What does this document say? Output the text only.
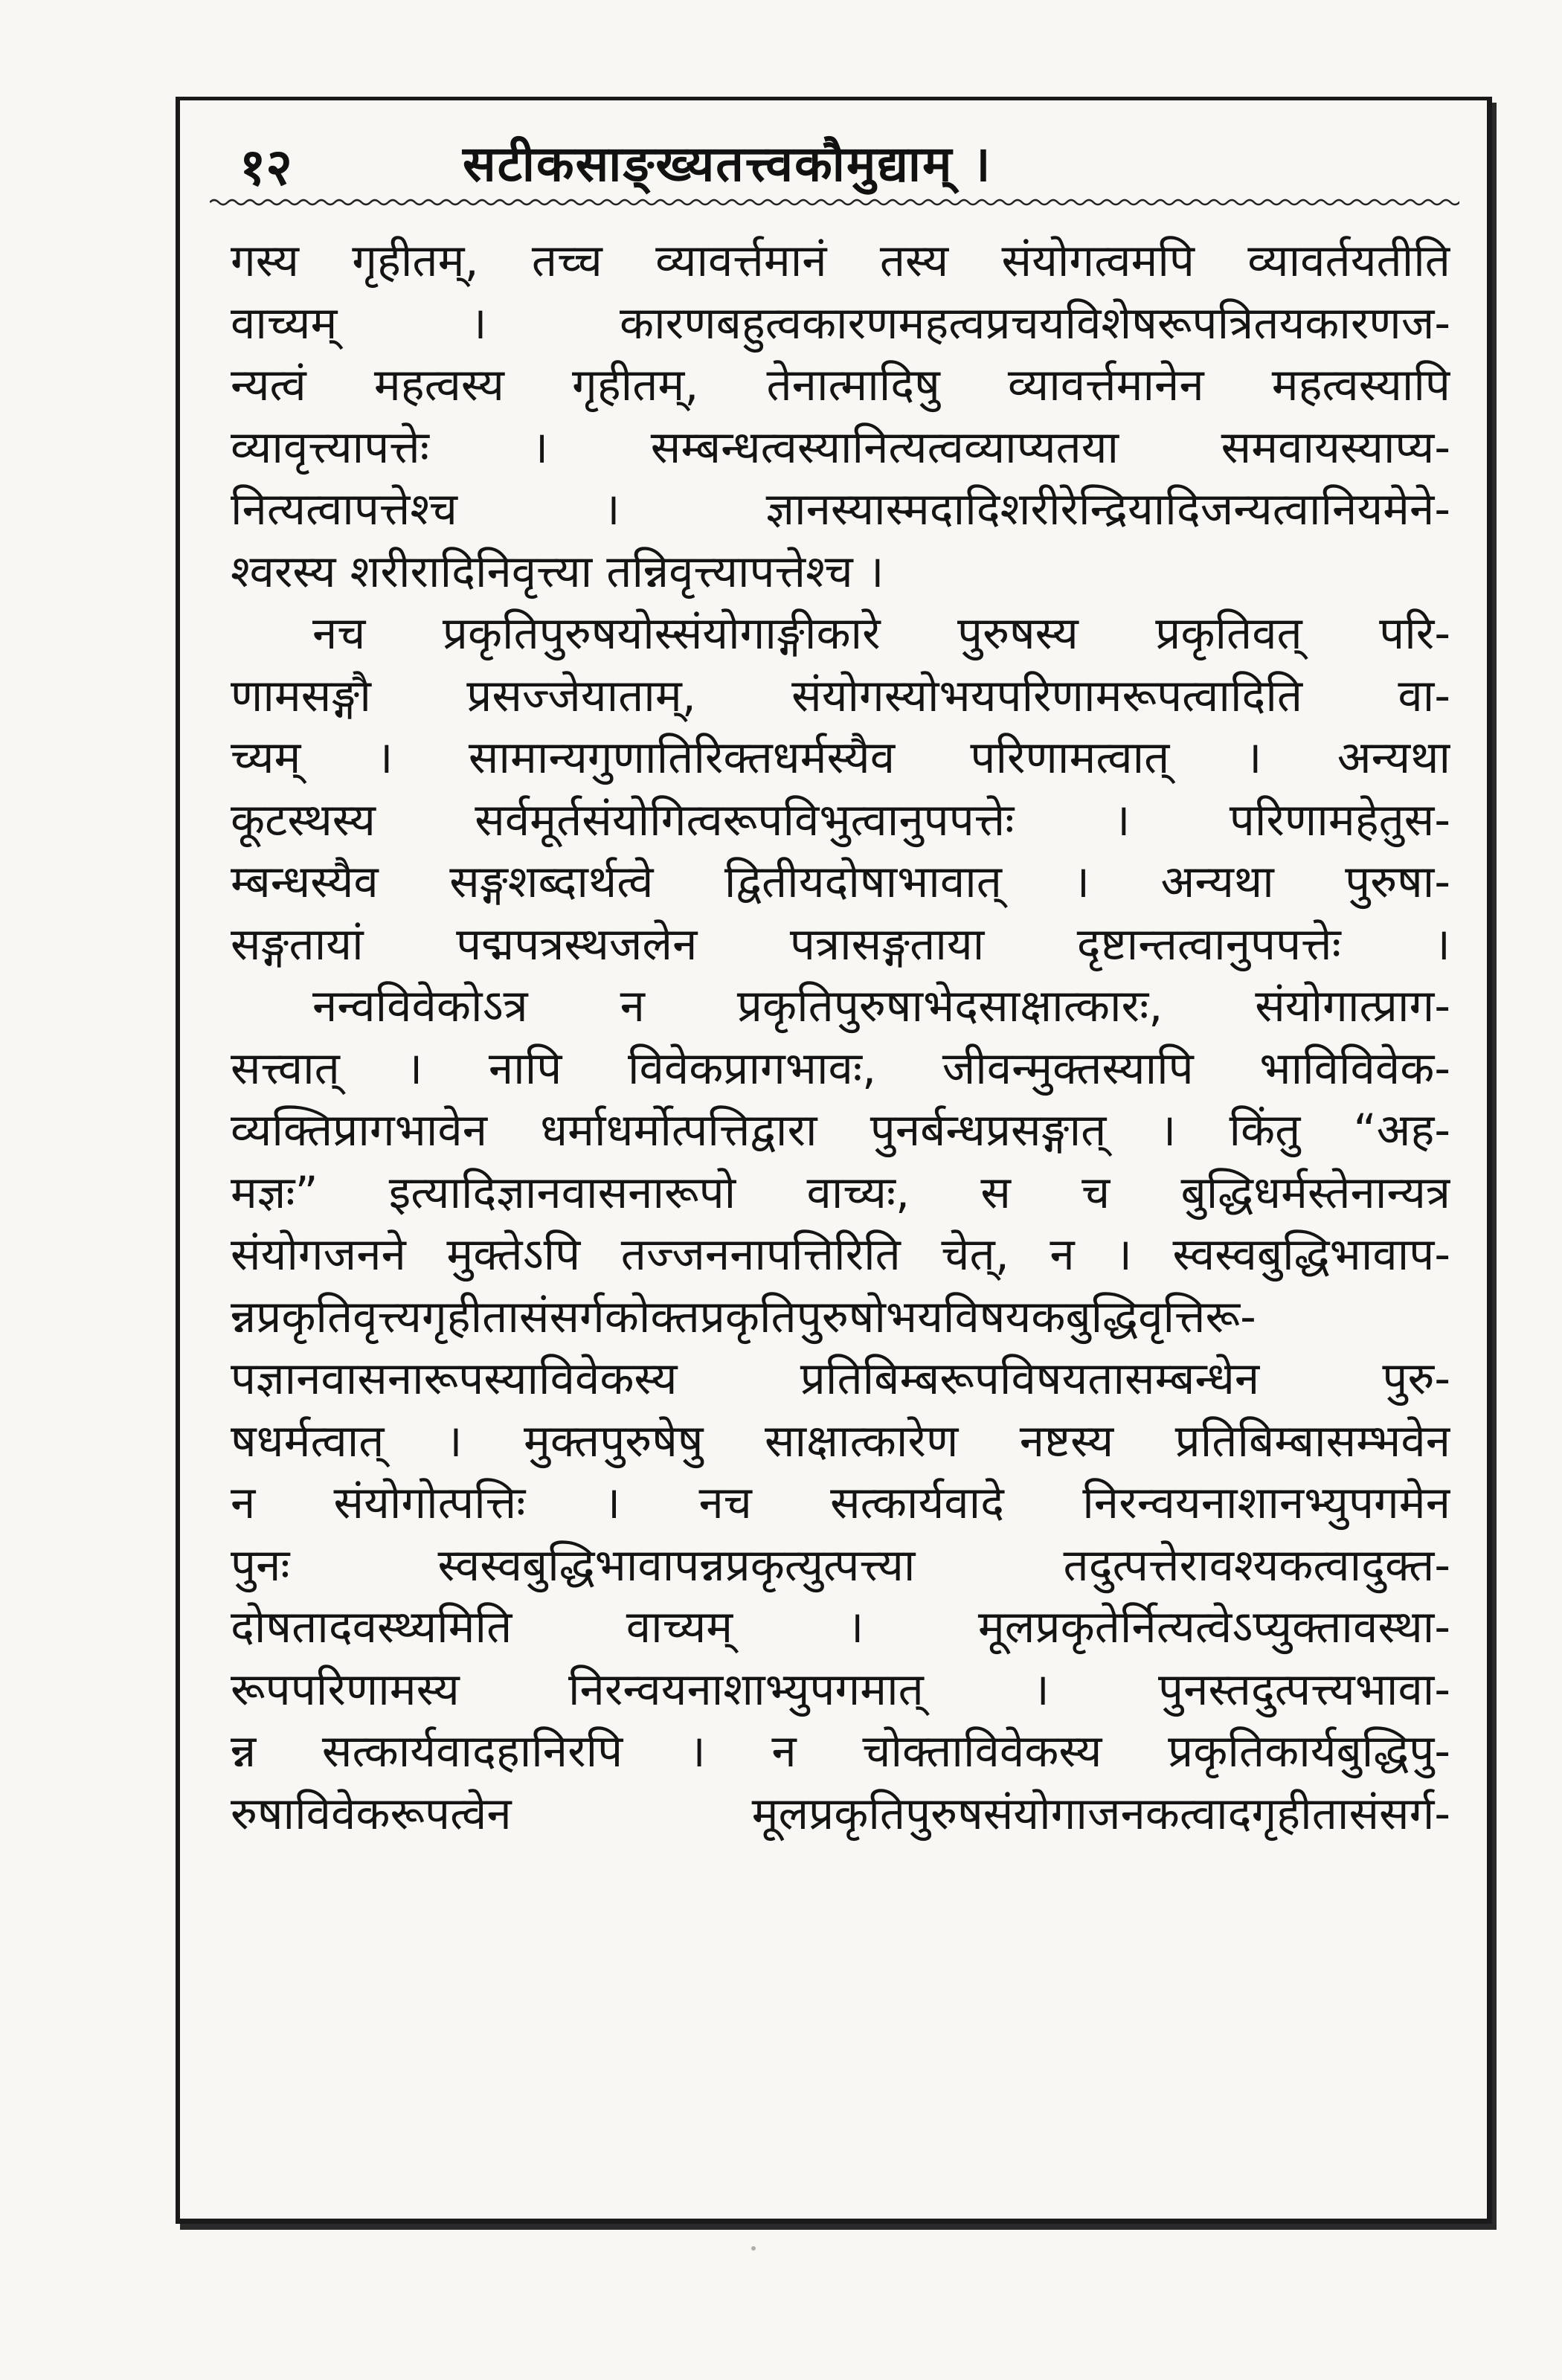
१२	सटीकसाङ्ख्यतत्त्वकौमुद्याम् ।
गस्य गृहीतम्, तच्च व्यावर्त्तमानं तस्य संयोगत्वमपि व्यावर्तयतीति
वाच्यम् । कारणबहुत्वकारणमहत्वप्रचयविशेषरूपत्रितयकारणज-
न्यत्वं महत्वस्य गृहीतम्, तेनात्मादिषु व्यावर्त्तमानेन महत्वस्यापि
व्यावृत्त्यापत्तेः । सम्बन्धत्वस्यानित्यत्वव्याप्यतया समवायस्याप्य-
नित्यत्वापत्तेश्च । ज्ञानस्यास्मदादिशरीरेन्द्रियादिजन्यत्वानियमेने-
श्वरस्य शरीरादिनिवृत्त्या तन्निवृत्त्यापत्तेश्च ।
नच प्रकृतिपुरुषयोस्संयोगाङ्गीकारे पुरुषस्य प्रकृतिवत् परि-
णामसङ्गौ प्रसज्जेयाताम्, संयोगस्योभयपरिणामरूपत्वादिति वा-
च्यम् । सामान्यगुणातिरिक्तधर्मस्यैव परिणामत्वात् । अन्यथा
कूटस्थस्य सर्वमूर्तसंयोगित्वरूपविभुत्वानुपपत्तेः । परिणामहेतुस-
म्बन्धस्यैव सङ्गशब्दार्थत्वे द्वितीयदोषाभावात् । अन्यथा पुरुषा-
सङ्गतायां पद्मपत्रस्थजलेन पत्रासङ्गताया दृष्टान्तत्वानुपपत्तेः ।
नन्वविवेकोऽत्र न प्रकृतिपुरुषाभेदसाक्षात्कारः, संयोगात्प्राग-
सत्त्वात् । नापि विवेकप्रागभावः, जीवन्मुक्तस्यापि भाविविवेक-
व्यक्तिप्रागभावेन धर्माधर्मोत्पत्तिद्वारा पुनर्बन्धप्रसङ्गात् । किंतु “अह-
मज्ञः” इत्यादिज्ञानवासनारूपो वाच्यः, स च बुद्धिधर्मस्तेनान्यत्र
संयोगजनने मुक्तेऽपि तज्जननापत्तिरिति चेत्, न । स्वस्वबुद्धिभावाप-
न्नप्रकृतिवृत्त्यगृहीतासंसर्गकोक्तप्रकृतिपुरुषोभयविषयकबुद्धिवृत्तिरू-
पज्ञानवासनारूपस्याविवेकस्य प्रतिबिम्बरूपविषयतासम्बन्धेन पुरु-
षधर्मत्वात् । मुक्तपुरुषेषु साक्षात्कारेण नष्टस्य प्रतिबिम्बासम्भवेन
न संयोगोत्पत्तिः । नच सत्कार्यवादे निरन्वयनाशानभ्युपगमेन
पुनः स्वस्वबुद्धिभावापन्नप्रकृत्युत्पत्त्या तदुत्पत्तेरावश्यकत्वादुक्त-
दोषतादवस्थ्यमिति वाच्यम् । मूलप्रकृतेर्नित्यत्वेऽप्युक्तावस्था-
रूपपरिणामस्य निरन्वयनाशाभ्युपगमात् । पुनस्तदुत्पत्त्यभावा-
न्न सत्कार्यवादहानिरपि । न चोक्ताविवेकस्य प्रकृतिकार्यबुद्धिपु-
रुषाविवेकरूपत्वेन मूलप्रकृतिपुरुषसंयोगाजनकत्वादगृहीतासंसर्ग-
